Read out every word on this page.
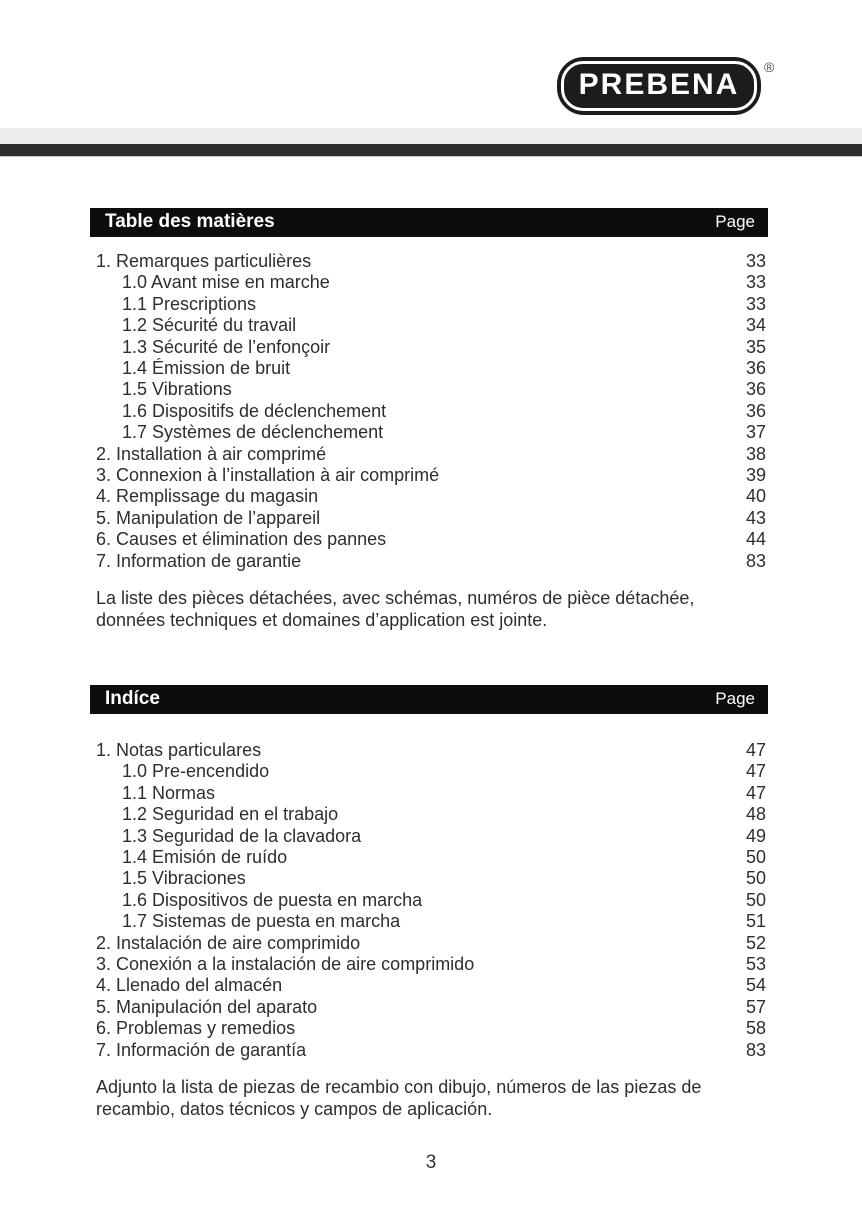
PREBENA
®
Table des matières	Page
1. Remarques particulières	33
1.0 Avant mise en marche	33
1.1 Prescriptions	33
1.2 Sécurité du travail	34
1.3 Sécurité de l’enfonçoir	35
1.4 Émission de bruit	36
1.5 Vibrations	36
1.6 Dispositifs de déclenchement	36
1.7 Systèmes de déclenchement	37
2. Installation à air comprimé	38
3. Connexion à l’installation à air comprimé	39
4. Remplissage du magasin	40
5. Manipulation de l’appareil	43
6. Causes et élimination des pannes	44
7. Information de garantie	83
La liste des pièces détachées, avec schémas, numéros de pièce détachée,
données techniques et domaines d’application est jointe.
Indíce	Page
1. Notas particulares	47
1.0 Pre-encendido	47
1.1 Normas	47
1.2 Seguridad en el trabajo	48
1.3 Seguridad de la clavadora	49
1.4 Emisión de ruído	50
1.5 Vibraciones	50
1.6 Dispositivos de puesta en marcha	50
1.7 Sistemas de puesta en marcha	51
2. Instalación de aire comprimido	52
3. Conexión a la instalación de aire comprimido	53
4. Llenado del almacén	54
5. Manipulación del aparato	57
6. Problemas y remedios	58
7. Información de garantía	83
Adjunto la lista de piezas de recambio con dibujo, números de las piezas de
recambio, datos técnicos y campos de aplicación.
3
